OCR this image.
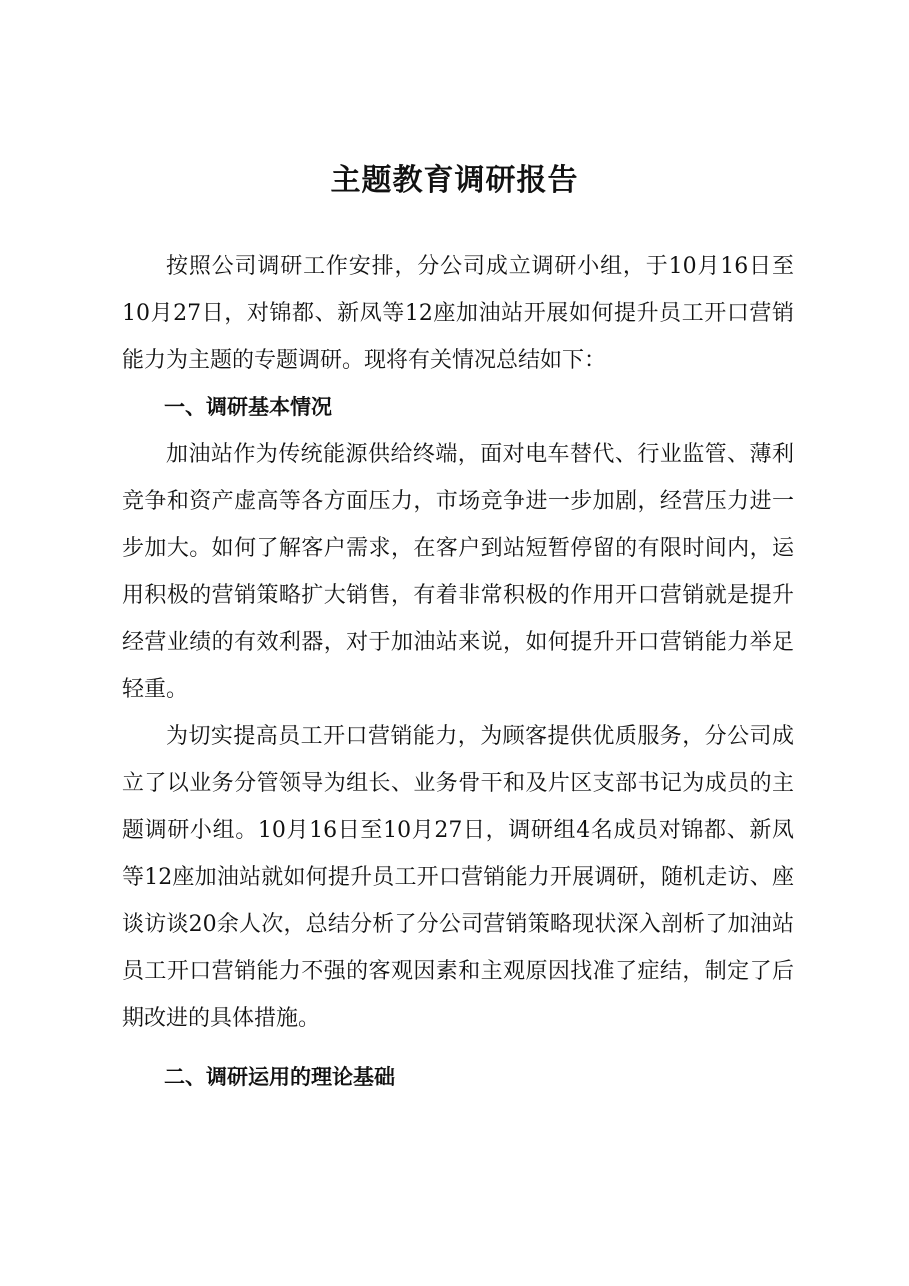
主题教育调研报告

按照公司调研工作安排，分公司成立调研小组，于10月16日至10月27日，对锦都、新凤等12座加油站开展如何提升员工开口营销能力为主题的专题调研。现将有关情况总结如下：

一、调研基本情况

加油站作为传统能源供给终端，面对电车替代、行业监管、薄利竞争和资产虚高等各方面压力，市场竞争进一步加剧，经营压力进一步加大。如何了解客户需求，在客户到站短暂停留的有限时间内，运用积极的营销策略扩大销售，有着非常积极的作用开口营销就是提升经营业绩的有效利器，对于加油站来说，如何提升开口营销能力举足轻重。

为切实提高员工开口营销能力，为顾客提供优质服务，分公司成立了以业务分管领导为组长、业务骨干和及片区支部书记为成员的主题调研小组。10月16日至10月27日，调研组4名成员对锦都、新凤等12座加油站就如何提升员工开口营销能力开展调研，随机走访、座谈访谈20余人次，总结分析了分公司营销策略现状深入剖析了加油站员工开口营销能力不强的客观因素和主观原因找准了症结，制定了后期改进的具体措施。

二、调研运用的理论基础
